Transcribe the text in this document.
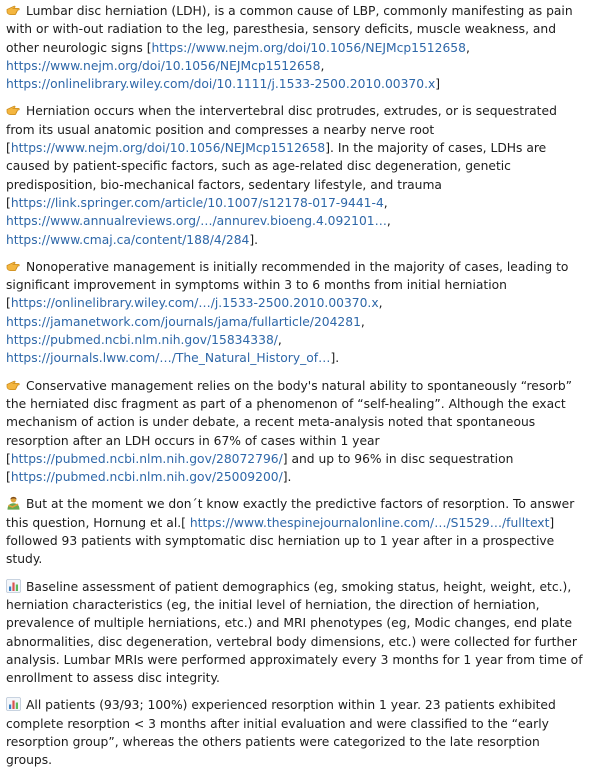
Lumbar disc herniation (LDH), is a common cause of LBP, commonly manifesting as pain with or with-out radiation to the leg, paresthesia, sensory deficits, muscle weakness, and other neurologic signs [https://www.nejm.org/doi/10.1056/NEJMcp1512658, https://www.nejm.org/doi/10.1056/NEJMcp1512658, https://onlinelibrary.wiley.com/doi/10.1111/j.1533-2500.2010.00370.x]

Herniation occurs when the intervertebral disc protrudes, extrudes, or is sequestrated from its usual anatomic position and compresses a nearby nerve root [https://www.nejm.org/doi/10.1056/NEJMcp1512658]. In the majority of cases, LDHs are caused by patient-specific factors, such as age-related disc degeneration, genetic predisposition, bio-mechanical factors, sedentary lifestyle, and trauma [https://link.springer.com/article/10.1007/s12178-017-9441-4, https://www.annualreviews.org/…/annurev.bioeng.4.092101…, https://www.cmaj.ca/content/188/4/284].

Nonoperative management is initially recommended in the majority of cases, leading to significant improvement in symptoms within 3 to 6 months from initial herniation [https://onlinelibrary.wiley.com/…/j.1533-2500.2010.00370.x, https://jamanetwork.com/journals/jama/fullarticle/204281, https://pubmed.ncbi.nlm.nih.gov/15834338/, https://journals.lww.com/…/The_Natural_History_of…].

Conservative management relies on the body's natural ability to spontaneously “resorb” the herniated disc fragment as part of a phenomenon of “self-healing”. Although the exact mechanism of action is under debate, a recent meta-analysis noted that spontaneous resorption after an LDH occurs in 67% of cases within 1 year [https://pubmed.ncbi.nlm.nih.gov/28072796/] and up to 96% in disc sequestration [https://pubmed.ncbi.nlm.nih.gov/25009200/].

But at the moment we don´t know exactly the predictive factors of resorption. To answer this question, Hornung et al.[ https://www.thespinejournalonline.com/…/S1529…/fulltext] followed 93 patients with symptomatic disc herniation up to 1 year after in a prospective study.

Baseline assessment of patient demographics (eg, smoking status, height, weight, etc.), herniation characteristics (eg, the initial level of herniation, the direction of herniation, prevalence of multiple herniations, etc.) and MRI phenotypes (eg, Modic changes, end plate abnormalities, disc degeneration, vertebral body dimensions, etc.) were collected for further analysis. Lumbar MRIs were performed approximately every 3 months for 1 year from time of enrollment to assess disc integrity.

All patients (93/93; 100%) experienced resorption within 1 year. 23 patients exhibited complete resorption < 3 months after initial evaluation and were classified to the “early resorption group”, whereas the others patients were categorized to the late resorption groups.
